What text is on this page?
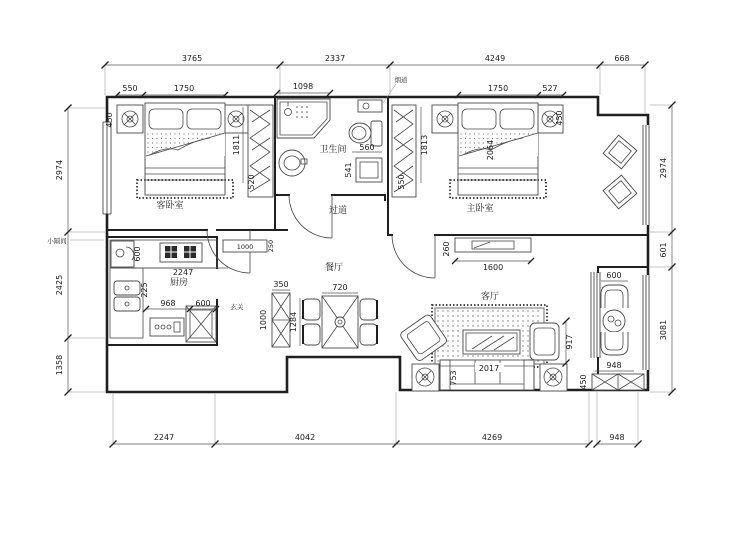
客卧室
卫生间
主卧室
过道
厨房
餐厅
玄关
客厅
3765	2337	4249	668
烟道
550	1750	1098	1750	527
450	450
2247	4042	4269	948
2974
2425
1358
小隔间
2974
601
3081
1811
520
1813
550
2064
560
541
1000 250
1600
260
600
2247
225
968 600
350
1000
720
1284
2017
753
917
600
948
450
